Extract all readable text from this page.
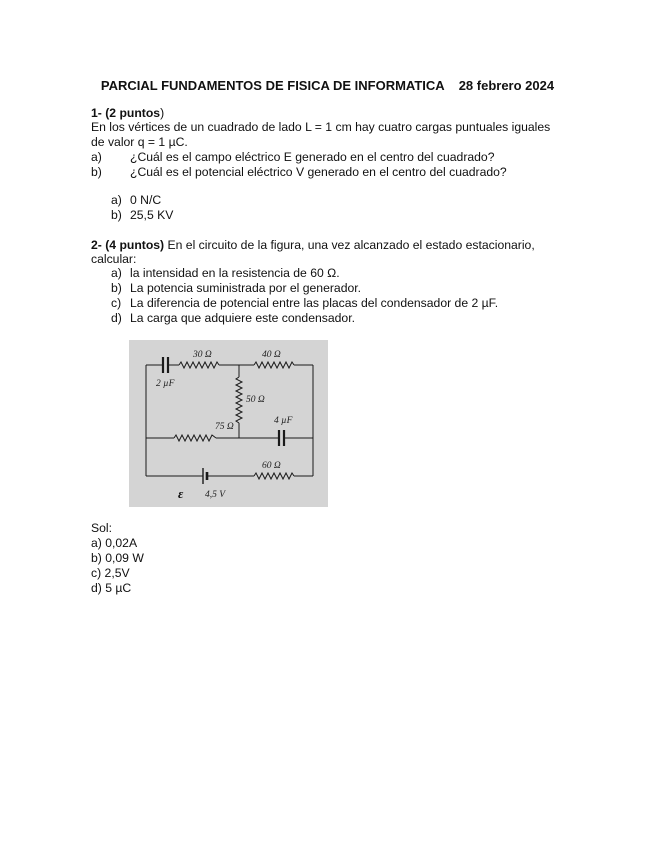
PARCIAL FUNDAMENTOS DE FISICA DE INFORMATICA 28 febrero 2024
1- (2 puntos)
En los vértices de un cuadrado de lado L = 1 cm hay cuatro cargas puntuales iguales
de valor q = 1 µC.
a) ¿Cuál es el campo eléctrico E generado en el centro del cuadrado?
b) ¿Cuál es el potencial eléctrico V generado en el centro del cuadrado?
a) 0 N/C
b) 25,5 KV
2- (4 puntos) En el circuito de la figura, una vez alcanzado el estado estacionario,
calcular:
a) la intensidad en la resistencia de 60 Ω.
b) La potencia suministrada por el generador.
c) La diferencia de potencial entre las placas del condensador de 2 µF.
d) La carga que adquiere este condensador.
30 Ω	40 Ω
2 µF
50 Ω
75 Ω
4 µF
60 Ω
ε 4,5 V
Sol:
a) 0,02A
b) 0,09 W
c) 2,5V
d) 5 µC
